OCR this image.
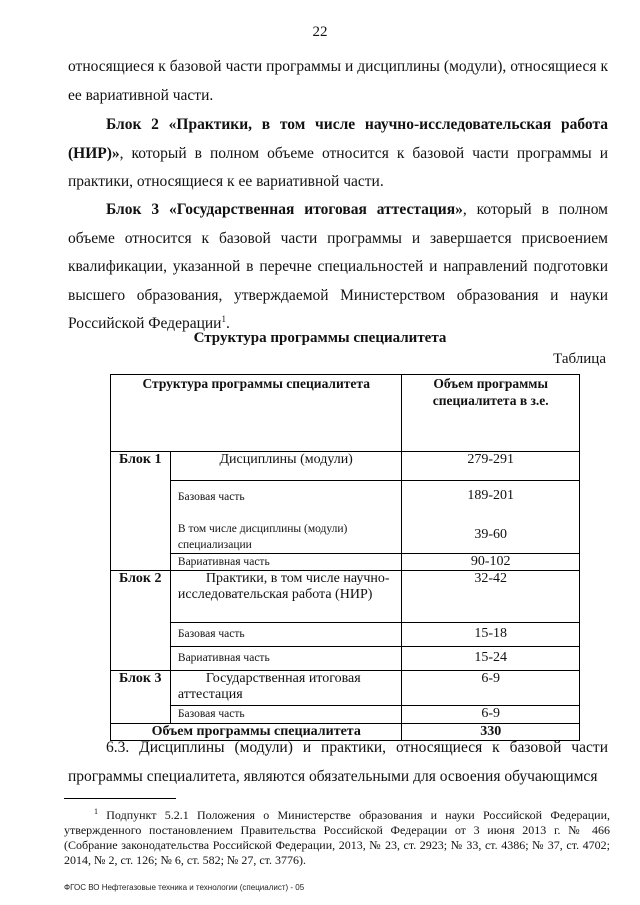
22
относящиеся к базовой части программы и дисциплины (модули), относящиеся к ее вариативной части.
Блок 2 «Практики, в том числе научно-исследовательская работа (НИР)», который в полном объеме относится к базовой части программы и практики, относящиеся к ее вариативной части.
Блок 3 «Государственная итоговая аттестация», который в полном объеме относится к базовой части программы и завершается присвоением квалификации, указанной в перечне специальностей и направлений подготовки высшего образования, утверждаемой Министерством образования и науки Российской Федерации$^1$.
Структура программы специалитета
Таблица
Структура программы специалитета		Объем программы специалитета в з.е.
Блок 1	Дисциплины (модули)	279-291
	Базовая часть	189-201
	В том числе дисциплины (модули) специализации	39-60
	Вариативная часть	90-102
Блок 2	Практики, в том числе научно-исследовательская работа (НИР)	32-42
	Базовая часть	15-18
	Вариативная часть	15-24
Блок 3	Государственная итоговая аттестация	6-9
	Базовая часть	6-9
Объем программы специалитета		330
6.3. Дисциплины (модули) и практики, относящиеся к базовой части программы специалитета, являются обязательными для освоения обучающимся
$^1$ Подпункт 5.2.1 Положения о Министерстве образования и науки Российской Федерации, утвержденного постановлением Правительства Российской Федерации от 3 июня 2013 г. № 466 (Собрание законодательства Российской Федерации, 2013, № 23, ст. 2923; № 33, ст. 4386; № 37, ст. 4702; 2014, № 2, ст. 126; № 6, ст. 582; № 27, ст. 3776).
ФГОС ВО Нефтегазовые техника и технологии (специалист) - 05
